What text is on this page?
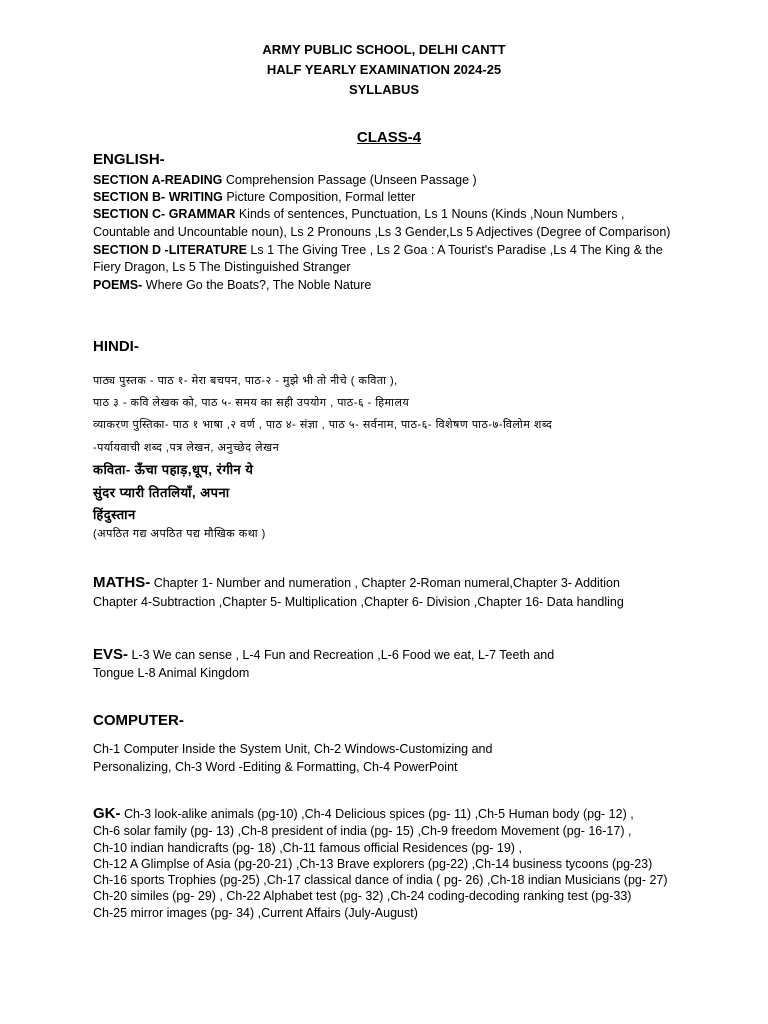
ARMY PUBLIC SCHOOL, DELHI CANTT
HALF YEARLY EXAMINATION 2024-25
SYLLABUS
CLASS-4
ENGLISH-
SECTION A-READING Comprehension Passage (Unseen Passage )
SECTION B- WRITING Picture Composition, Formal letter
SECTION C- GRAMMAR Kinds of sentences, Punctuation, Ls 1 Nouns (Kinds ,Noun Numbers ,
Countable and Uncountable noun), Ls 2 Pronouns ,Ls 3 Gender,Ls 5 Adjectives (Degree of Comparison)
SECTION D -LITERATURE Ls 1 The Giving Tree , Ls 2 Goa : A Tourist's Paradise ,Ls 4 The King & the
Fiery Dragon, Ls 5 The Distinguished Stranger
POEMS- Where Go the Boats?, The Noble Nature
HINDI-
पाठ्य पुस्तक - पाठ १- मेरा बचपन, पाठ-२ - मुझे भी तो नीचे ( कविता ),
पाठ ३ - कवि लेखक को, पाठ ५- समय का सही उपयोग , पाठ-६ - हिमालय
व्याकरण पुस्तिका- पाठ १ भाषा ,२ वर्ण , पाठ ४- संज्ञा , पाठ ५- सर्वनाम, पाठ-६- विशेषण पाठ-७-विलोम शब्द
-पर्यायवाची शब्द ,पत्र लेखन, अनुच्छेद लेखन
कविता- ऊँचा पहाड़,धूप, रंगीन ये
सुंदर प्यारी तितलियाँ, अपना
हिंदुस्तान
(अपठित गद्य अपठित पद्य मौखिक कथा )
MATHS- Chapter 1- Number and numeration , Chapter 2-Roman numeral,Chapter 3- Addition
Chapter 4-Subtraction ,Chapter 5- Multiplication ,Chapter 6- Division ,Chapter 16- Data handling
EVS- L-3 We can sense , L-4 Fun and Recreation ,L-6 Food we eat, L-7 Teeth and
Tongue L-8 Animal Kingdom
COMPUTER-
Ch-1 Computer Inside the System Unit, Ch-2 Windows-Customizing and
Personalizing, Ch-3 Word -Editing & Formatting, Ch-4 PowerPoint
GK- Ch-3 look-alike animals (pg-10) ,Ch-4 Delicious spices (pg- 11) ,Ch-5 Human body (pg- 12) ,
Ch-6 solar family (pg- 13) ,Ch-8 president of india (pg- 15) ,Ch-9 freedom Movement (pg- 16-17) ,
Ch-10 indian handicrafts (pg- 18) ,Ch-11 famous official Residences (pg- 19) ,
Ch-12 A Glimplse of Asia (pg-20-21) ,Ch-13 Brave explorers (pg-22) ,Ch-14 business tycoons (pg-23)
Ch-16 sports Trophies (pg-25) ,Ch-17 classical dance of india ( pg- 26) ,Ch-18 indian Musicians (pg- 27)
Ch-20 similes (pg- 29) , Ch-22 Alphabet test (pg- 32) ,Ch-24 coding-decoding ranking test (pg-33)
Ch-25 mirror images (pg- 34) ,Current Affairs (July-August)
